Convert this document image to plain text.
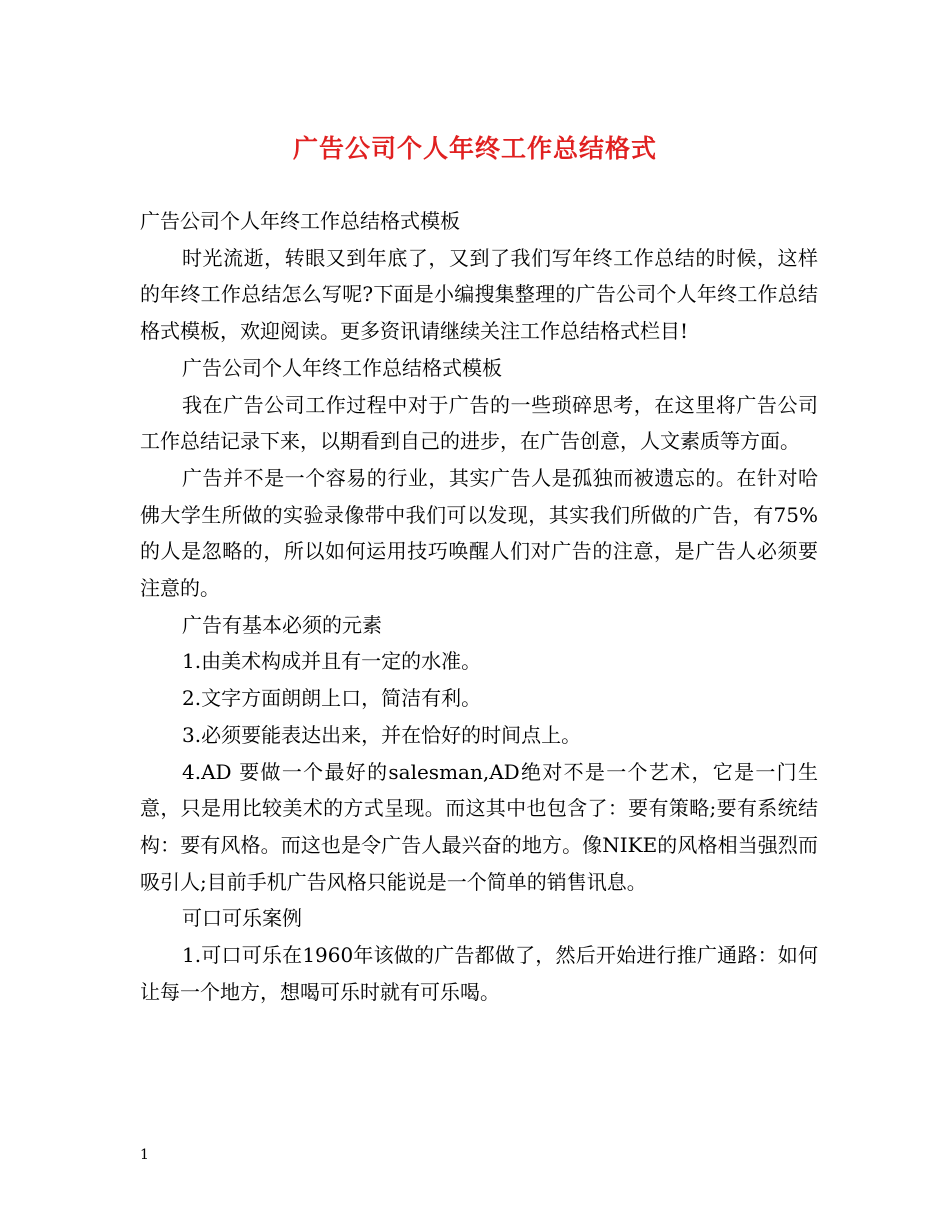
广告公司个人年终工作总结格式

广告公司个人年终工作总结格式模板

时光流逝，转眼又到年底了，又到了我们写年终工作总结的时候，这样的年终工作总结怎么写呢?下面是小编搜集整理的广告公司个人年终工作总结格式模板，欢迎阅读。更多资讯请继续关注工作总结格式栏目!

广告公司个人年终工作总结格式模板

我在广告公司工作过程中对于广告的一些琐碎思考，在这里将广告公司工作总结记录下来，以期看到自己的进步，在广告创意，人文素质等方面。

广告并不是一个容易的行业，其实广告人是孤独而被遗忘的。在针对哈佛大学生所做的实验录像带中我们可以发现，其实我们所做的广告，有75%的人是忽略的，所以如何运用技巧唤醒人们对广告的注意，是广告人必须要注意的。

广告有基本必须的元素

1.由美术构成并且有一定的水准。

2.文字方面朗朗上口，简洁有利。

3.必须要能表达出来，并在恰好的时间点上。

4.AD 要做一个最好的salesman,AD绝对不是一个艺术，它是一门生意，只是用比较美术的方式呈现。而这其中也包含了：要有策略;要有系统结构：要有风格。而这也是令广告人最兴奋的地方。像NIKE的风格相当强烈而吸引人;目前手机广告风格只能说是一个简单的销售讯息。

可口可乐案例

1.可口可乐在1960年该做的广告都做了，然后开始进行推广通路：如何让每一个地方，想喝可乐时就有可乐喝。

1
